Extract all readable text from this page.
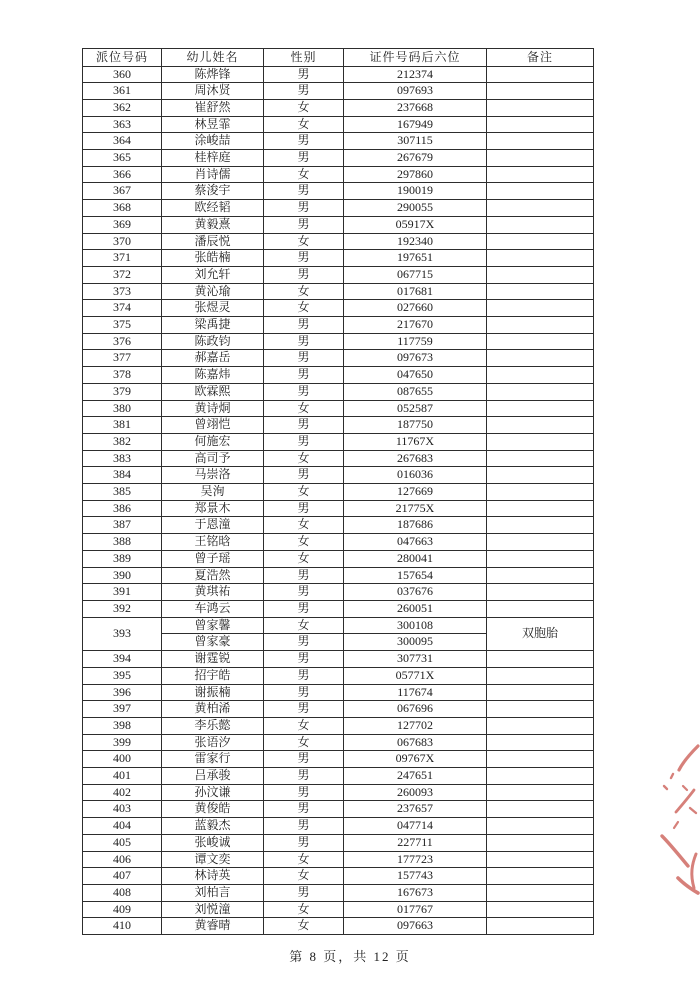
派位号码	幼儿姓名	性别	证件号码后六位	备注
360	陈烨锋	男	212374	
361	周沐贤	男	097693	
362	崔舒然	女	237668	
363	林昱霏	女	167949	
364	涂峻喆	男	307115	
365	桂梓庭	男	267679	
366	肖诗儒	女	297860	
367	蔡浚宇	男	190019	
368	欧经韬	男	290055	
369	黄毅熹	男	05917X	
370	潘辰悦	女	192340	
371	张皓楠	男	197651	
372	刘允轩	男	067715	
373	黄沁瑜	女	017681	
374	张煜灵	女	027660	
375	梁禹捷	男	217670	
376	陈政钧	男	117759	
377	郝嘉岳	男	097673	
378	陈嘉炜	男	047650	
379	欧霖熙	男	087655	
380	黄诗烔	女	052587	
381	曾翊恺	男	187750	
382	何施宏	男	11767X	
383	高司予	女	267683	
384	马崇洛	男	016036	
385	吴洵	女	127669	
386	郑景木	男	21775X	
387	于恩潼	女	187686	
388	王铭晗	女	047663	
389	曾子瑶	女	280041	
390	夏浩然	男	157654	
391	黄琪祐	男	037676	
392	车鸿云	男	260051	
393	曾家馨	女	300108	双胞胎
	曾家豪	男	300095	
394	谢霆锐	男	307731	
395	招宇皓	男	05771X	
396	谢振楠	男	117674	
397	黄柏浠	男	067696	
398	李乐懿	女	127702	
399	张语汐	女	067683	
400	雷家行	男	09767X	
401	吕承骏	男	247651	
402	孙汶谦	男	260093	
403	黄俊皓	男	237657	
404	蓝毅杰	男	047714	
405	张峻诚	男	227711	
406	谭文奕	女	177723	
407	林诗英	女	157743	
408	刘柏言	男	167673	
409	刘悦潼	女	017767	
410	黄睿晴	女	097663	
第 8 页，共 12 页
